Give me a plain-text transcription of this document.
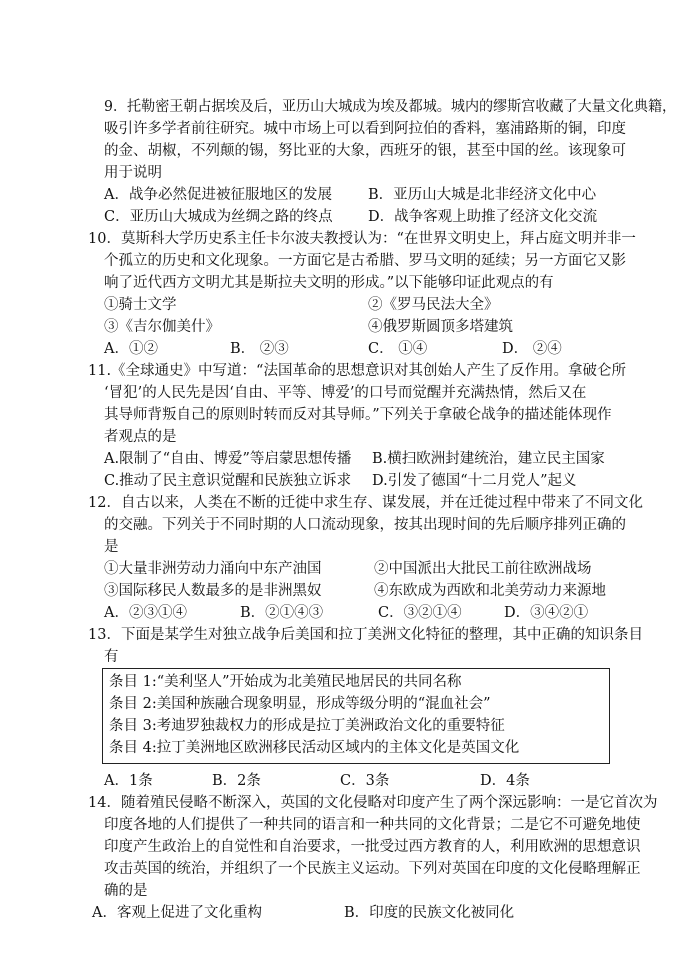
9．托勒密王朝占据埃及后，亚历山大城成为埃及都城。城内的缪斯宫收藏了大量文化典籍，
吸引许多学者前往研究。城中市场上可以看到阿拉伯的香料，塞浦路斯的铜，印度
的金、胡椒，不列颠的锡，努比亚的大象，西班牙的银，甚至中国的丝。该现象可
用于说明
A．战争必然促进被征服地区的发展 B．亚历山大城是北非经济文化中心
C．亚历山大城成为丝绸之路的终点 D．战争客观上助推了经济文化交流
10．莫斯科大学历史系主任卡尔波夫教授认为：“在世界文明史上，拜占庭文明并非一
个孤立的历史和文化现象。一方面它是古希腊、罗马文明的延续；另一方面它又影
响了近代西方文明尤其是斯拉夫文明的形成。”以下能够印证此观点的有
①骑士文学	②《罗马民法大全》
③《吉尔伽美什》	④俄罗斯圆顶多塔建筑
A．①②	B． ②③	C． ①④	D． ②④
11.《全球通史》中写道：“法国革命的思想意识对其创始人产生了反作用。拿破仑所
‘冒犯’的人民先是因‘自由、平等、博爱’的口号而觉醒并充满热情，然后又在
其导师背叛自己的原则时转而反对其导师。”下列关于拿破仑战争的描述能体现作
者观点的是
A.限制了“自由、博爱”等启蒙思想传播 B.横扫欧洲封建统治，建立民主国家
C.推动了民主意识觉醒和民族独立诉求 D.引发了德国“十二月党人”起义
12．自古以来，人类在不断的迁徙中求生存、谋发展，并在迁徙过程中带来了不同文化
的交融。下列关于不同时期的人口流动现象，按其出现时间的先后顺序排列正确的
是
①大量非洲劳动力涌向中东产油国	②中国派出大批民工前往欧洲战场
③国际移民人数最多的是非洲黑奴	④东欧成为西欧和北美劳动力来源地
A．②③①④	B．②①④③	C．③②①④	D．③④②①
13．下面是某学生对独立战争后美国和拉丁美洲文化特征的整理，其中正确的知识条目
有
条目 1:“美利坚人”开始成为北美殖民地居民的共同名称
条目 2:美国种族融合现象明显，形成等级分明的“混血社会”
条目 3:考迪罗独裁权力的形成是拉丁美洲政治文化的重要特征
条目 4:拉丁美洲地区欧洲移民活动区域内的主体文化是英国文化
A．1条	B．2条	C．3条	D．4条
14．随着殖民侵略不断深入，英国的文化侵略对印度产生了两个深远影响：一是它首次为
印度各地的人们提供了一种共同的语言和一种共同的文化背景；二是它不可避免地使
印度产生政治上的自觉性和自治要求，一批受过西方教育的人，利用欧洲的思想意识
攻击英国的统治，并组织了一个民族主义运动。下列对英国在印度的文化侵略理解正
确的是
A．客观上促进了文化重构	B．印度的民族文化被同化
